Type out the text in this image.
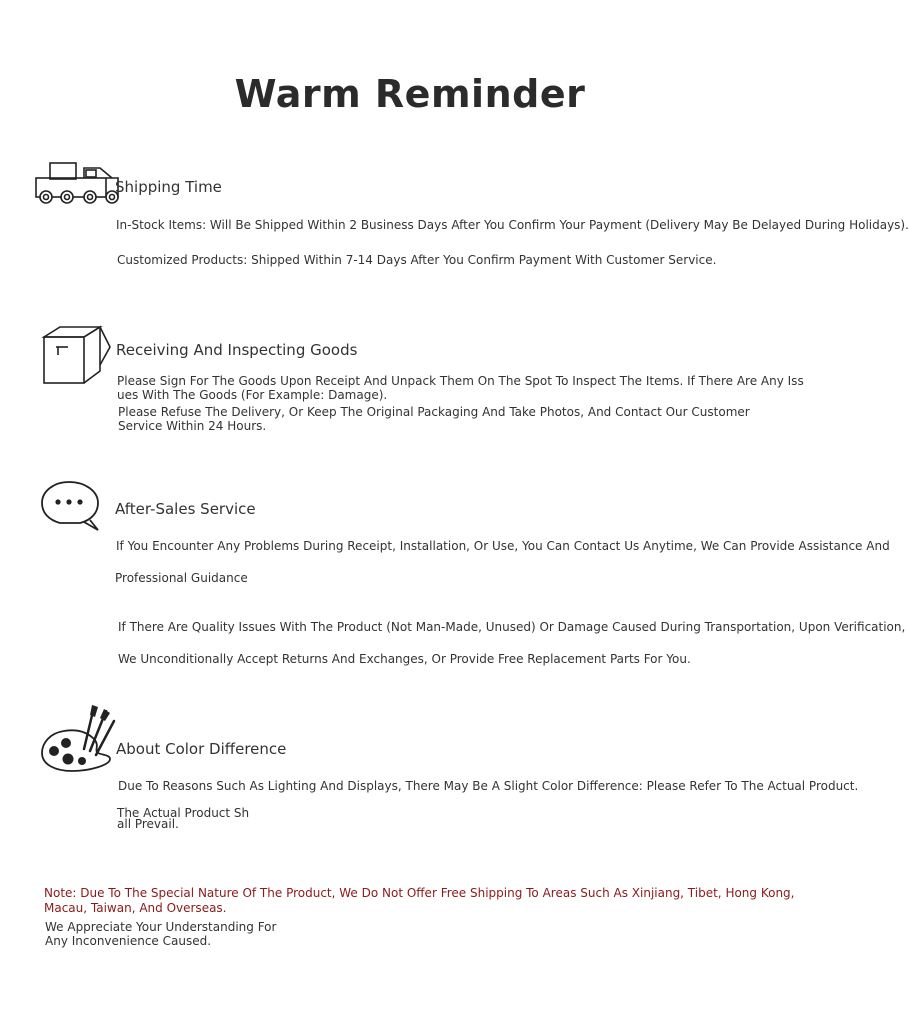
Warm Reminder
Shipping Time
In-Stock Items: Will Be Shipped Within 2 Business Days After You Confirm Your Payment (Delivery May Be Delayed During Holidays).
Customized Products: Shipped Within 7-14 Days After You Confirm Payment With Customer Service.
Receiving And Inspecting Goods
Please Sign For The Goods Upon Receipt And Unpack Them On The Spot To Inspect The Items. If There Are Any Iss
ues With The Goods (For Example: Damage).
Please Refuse The Delivery, Or Keep The Original Packaging And Take Photos, And Contact Our Customer
Service Within 24 Hours.
After-Sales Service
If You Encounter Any Problems During Receipt, Installation, Or Use, You Can Contact Us Anytime, We Can Provide Assistance And
Professional Guidance
If There Are Quality Issues With The Product (Not Man-Made, Unused) Or Damage Caused During Transportation, Upon Verification,
We Unconditionally Accept Returns And Exchanges, Or Provide Free Replacement Parts For You.
About Color Difference
Due To Reasons Such As Lighting And Displays, There May Be A Slight Color Difference: Please Refer To The Actual Product.
The Actual Product Sh
all Prevail.
Note: Due To The Special Nature Of The Product, We Do Not Offer Free Shipping To Areas Such As Xinjiang, Tibet, Hong Kong,
Macau, Taiwan, And Overseas.
We Appreciate Your Understanding For
Any Inconvenience Caused.
